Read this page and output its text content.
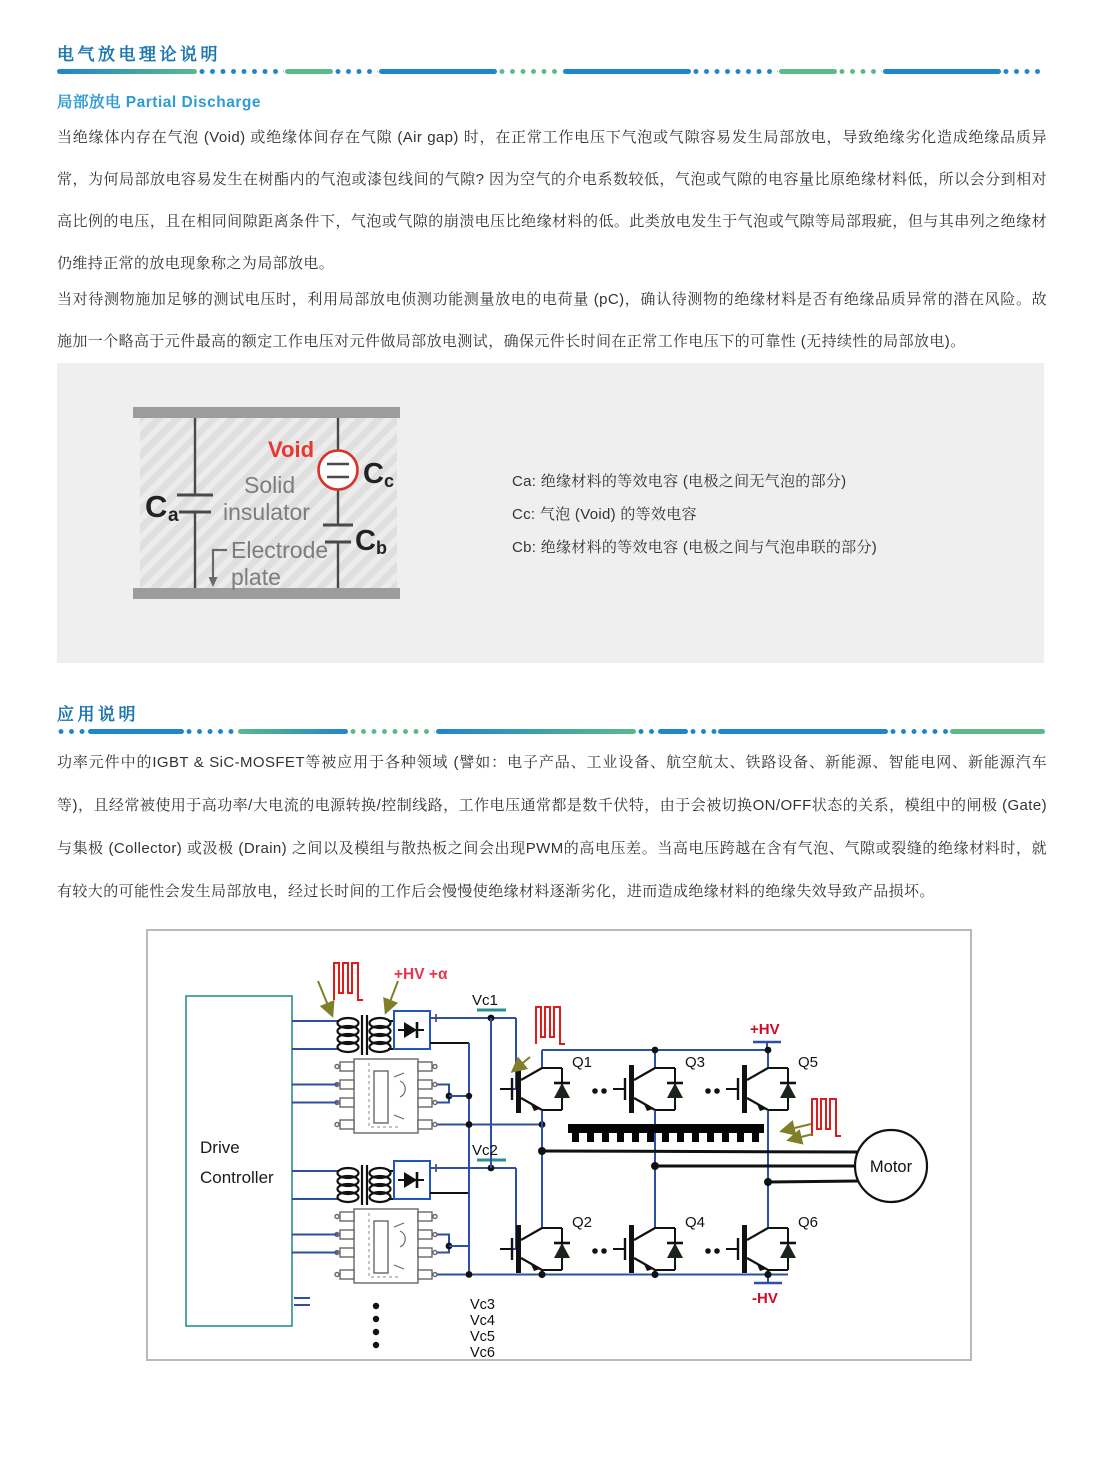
电气放电理论说明
局部放电 Partial Discharge
当绝缘体内存在气泡 (Void) 或绝缘体间存在气隙 (Air gap) 时，在正常工作电压下气泡或气隙容易发生局部放电，导致绝缘劣化造成绝缘品质异常，为何局部放电容易发生在树酯内的气泡或漆包线间的气隙? 因为空气的介电系数较低，气泡或气隙的电容量比原绝缘材料低，所以会分到相对高比例的电压，且在相同间隙距离条件下，气泡或气隙的崩溃电压比绝缘材料的低。此类放电发生于气泡或气隙等局部瑕疵，但与其串列之绝缘材仍维持正常的放电现象称之为局部放电。
当对待测物施加足够的测试电压时，利用局部放电侦测功能测量放电的电荷量 (pC)，确认待测物的绝缘材料是否有绝缘品质异常的潜在风险。故施加一个略高于元件最高的额定工作电压对元件做局部放电测试，确保元件长时间在正常工作电压下的可靠性 (无持续性的局部放电)。
Void
C a
C c
C b
Solid
insulator
Electrode
plate
Ca: 绝缘材料的等效电容 (电极之间无气泡的部分)
Cc: 气泡 (Void) 的等效电容
Cb: 绝缘材料的等效电容 (电极之间与气泡串联的部分)
应用说明
功率元件中的IGBT & SiC-MOSFET等被应用于各种领域 (譬如：电子产品、工业设备、航空航太、铁路设备、新能源、智能电网、新能源汽车等)，且经常被使用于高功率/大电流的电源转换/控制线路，工作电压通常都是数千伏特，由于会被切换ON/OFF状态的关系，模组中的闸极 (Gate) 与集极 (Collector) 或汲极 (Drain) 之间以及模组与散热板之间会出现PWM的高电压差。当高电压跨越在含有气泡、气隙或裂缝的绝缘材料时，就有较大的可能性会发生局部放电，经过长时间的工作后会慢慢使绝缘材料逐渐劣化，进而造成绝缘材料的绝缘失效导致产品损坏。
Drive
Controller
Motor
+HV +α
+HV
-HV
Vc1
Vc2
Vc3
Vc4
Vc5
Vc6
Q1	Q3	Q5
Q2	Q4	Q6
